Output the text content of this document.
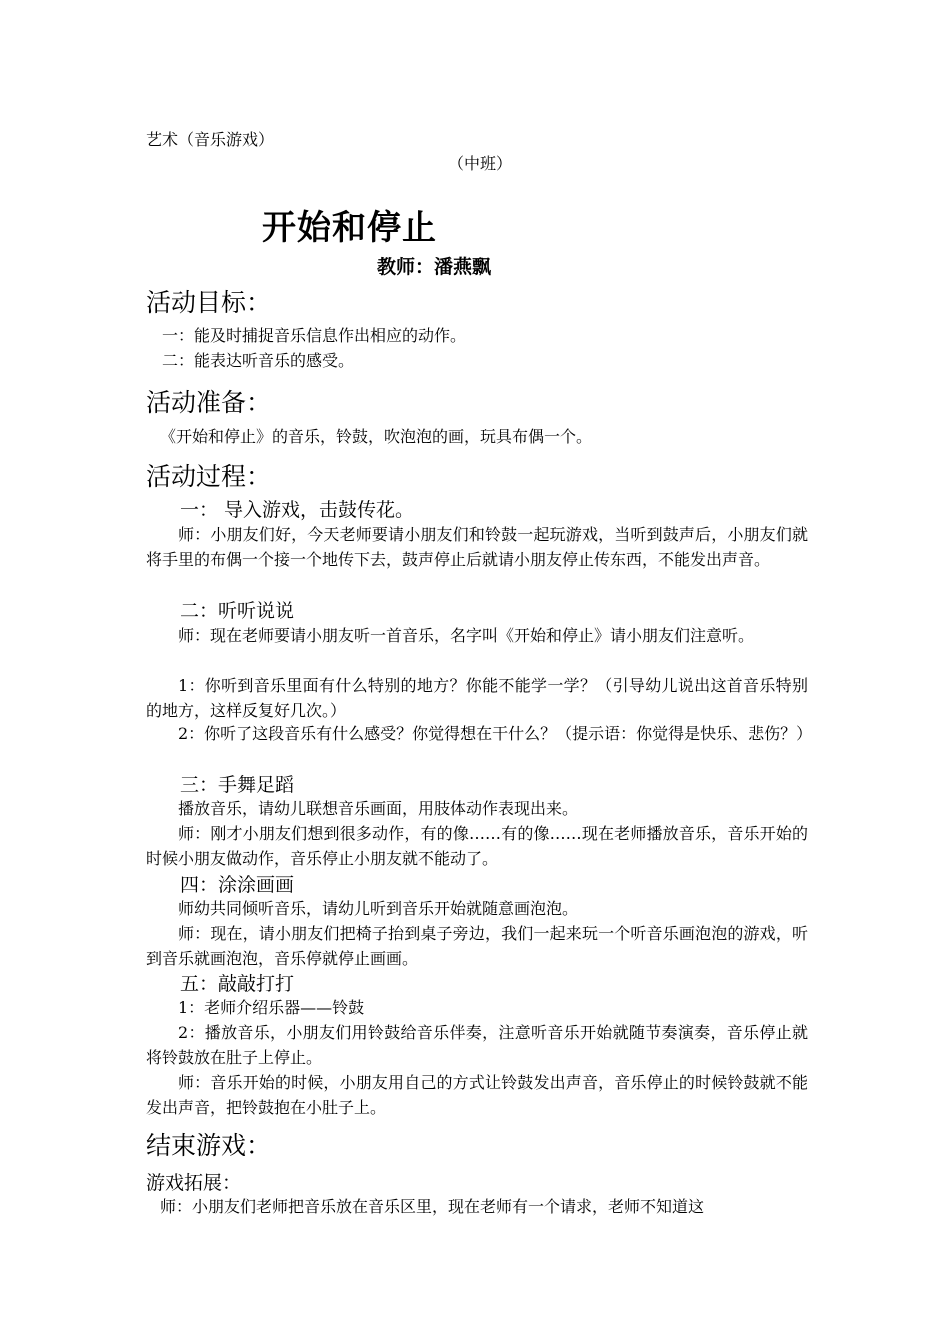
艺术（音乐游戏）
（中班）
开始和停止
教师：潘燕飘
活动目标：
一：能及时捕捉音乐信息作出相应的动作。
二：能表达听音乐的感受。
活动准备：
《开始和停止》的音乐，铃鼓，吹泡泡的画，玩具布偶一个。
活动过程：
一： 导入游戏，击鼓传花。
师：小朋友们好，今天老师要请小朋友们和铃鼓一起玩游戏，当听到鼓声后，小朋友们就将手里的布偶一个接一个地传下去，鼓声停止后就请小朋友停止传东西，不能发出声音。
二：听听说说
师：现在老师要请小朋友听一首音乐，名字叫《开始和停止》请小朋友们注意听。
1：你听到音乐里面有什么特别的地方？你能不能学一学？（引导幼儿说出这首音乐特别的地方，这样反复好几次。）
2：你听了这段音乐有什么感受？你觉得想在干什么？（提示语：你觉得是快乐、悲伤？）
三：手舞足蹈
播放音乐，请幼儿联想音乐画面，用肢体动作表现出来。
师：刚才小朋友们想到很多动作，有的像……有的像……现在老师播放音乐，音乐开始的时候小朋友做动作，音乐停止小朋友就不能动了。
四：涂涂画画
师幼共同倾听音乐，请幼儿听到音乐开始就随意画泡泡。
师：现在，请小朋友们把椅子抬到桌子旁边，我们一起来玩一个听音乐画泡泡的游戏，听到音乐就画泡泡，音乐停就停止画画。
五：敲敲打打
1：老师介绍乐器——铃鼓
2：播放音乐，小朋友们用铃鼓给音乐伴奏，注意听音乐开始就随节奏演奏，音乐停止就将铃鼓放在肚子上停止。
师：音乐开始的时候，小朋友用自己的方式让铃鼓发出声音，音乐停止的时候铃鼓就不能发出声音，把铃鼓抱在小肚子上。
结束游戏：
游戏拓展：
师：小朋友们老师把音乐放在音乐区里，现在老师有一个请求，老师不知道这
